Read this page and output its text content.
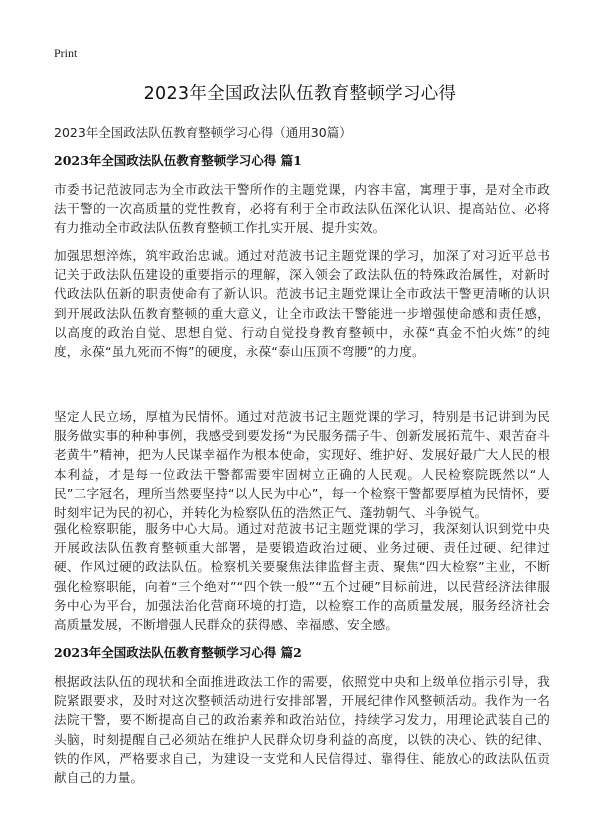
Print
2023年全国政法队伍教育整顿学习心得

2023年全国政法队伍教育整顿学习心得（通用30篇）

2023年全国政法队伍教育整顿学习心得 篇1

市委书记范波同志为全市政法干警所作的主题党课，内容丰富，寓理于事，是对全市政法干警的一次高质量的党性教育，必将有利于全市政法队伍深化认识、提高站位、必将有力推动全市政法队伍教育整顿工作扎实开展、提升实效。

加强思想淬炼，筑牢政治忠诚。通过对范波书记主题党课的学习，加深了对习近平总书记关于政法队伍建设的重要指示的理解，深入领会了政法队伍的特殊政治属性，对新时代政法队伍新的职责使命有了新认识。范波书记主题党课让全市政法干警更清晰的认识到开展政法队伍教育整顿的重大意义，让全市政法干警能进一步增强使命感和责任感，以高度的政治自觉、思想自觉、行动自觉投身教育整顿中，永葆“真金不怕火炼”的纯度，永葆“虽九死而不悔”的硬度，永葆“泰山压顶不弯腰”的力度。

坚定人民立场，厚植为民情怀。通过对范波书记主题党课的学习，特别是书记讲到为民服务做实事的种种事例，我感受到要发扬“为民服务孺子牛、创新发展拓荒牛、艰苦奋斗老黄牛”精神，把为人民谋幸福作为根本使命，实现好、维护好、发展好最广大人民的根本利益，才是每一位政法干警都需要牢固树立正确的人民观。人民检察院既然以“人民”二字冠名，理所当然要坚持“以人民为中心”，每一个检察干警都要厚植为民情怀，要时刻牢记为民的初心，并转化为检察队伍的浩然正气、蓬勃朝气、斗争锐气。

强化检察职能，服务中心大局。通过对范波书记主题党课的学习，我深刻认识到党中央开展政法队伍教育整顿重大部署，是要锻造政治过硬、业务过硬、责任过硬、纪律过硬、作风过硬的政法队伍。检察机关要聚焦法律监督主责、聚焦“四大检察”主业，不断强化检察职能，向着“三个绝对”“四个铁一般”“五个过硬”目标前进，以民营经济法律服务中心为平台，加强法治化营商环境的打造，以检察工作的高质量发展，服务经济社会高质量发展，不断增强人民群众的获得感、幸福感、安全感。

2023年全国政法队伍教育整顿学习心得 篇2

根据政法队伍的现状和全面推进政法工作的需要，依照党中央和上级单位指示引导，我院紧跟要求，及时对这次整顿活动进行安排部署，开展纪律作风整顿活动。我作为一名法院干警，要不断提高自己的政治素养和政治站位，持续学习发力，用理论武装自己的头脑，时刻提醒自己必须站在维护人民群众切身利益的高度，以铁的决心、铁的纪律、铁的作风，严格要求自己，为建设一支党和人民信得过、靠得住、能放心的政法队伍贡献自己的力量。
